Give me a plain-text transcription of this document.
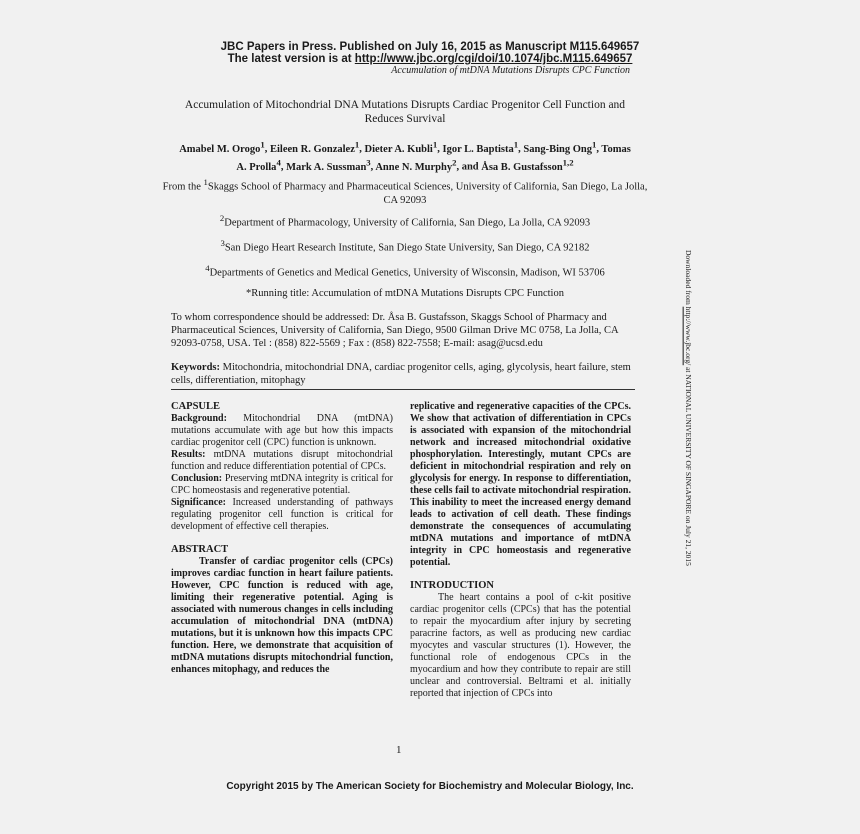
JBC Papers in Press. Published on July 16, 2015 as Manuscript M115.649657
The latest version is at http://www.jbc.org/cgi/doi/10.1074/jbc.M115.649657
Accumulation of mtDNA Mutations Disrupts CPC Function
Accumulation of Mitochondrial DNA Mutations Disrupts Cardiac Progenitor Cell Function and Reduces Survival
Amabel M. Orogo$^1$, Eileen R. Gonzalez$^1$, Dieter A. Kubli$^1$, Igor L. Baptista$^1$, Sang-Bing Ong$^1$, Tomas A. Prolla$^4$, Mark A. Sussman$^3$, Anne N. Murphy$^2$, and Åsa B. Gustafsson$^{1,2}$
From the $^1$Skaggs School of Pharmacy and Pharmaceutical Sciences, University of California, San Diego, La Jolla, CA 92093
$^2$Department of Pharmacology, University of California, San Diego, La Jolla, CA 92093
$^3$San Diego Heart Research Institute, San Diego State University, San Diego, CA 92182
$^4$Departments of Genetics and Medical Genetics, University of Wisconsin, Madison, WI 53706
*Running title: Accumulation of mtDNA Mutations Disrupts CPC Function
To whom correspondence should be addressed: Dr. Åsa B. Gustafsson, Skaggs School of Pharmacy and Pharmaceutical Sciences, University of California, San Diego, 9500 Gilman Drive MC 0758, La Jolla, CA 92093-0758, USA. Tel : (858) 822-5569 ; Fax : (858) 822-7558; E-mail: asag@ucsd.edu
Keywords: Mitochondria, mitochondrial DNA, cardiac progenitor cells, aging, glycolysis, heart failure, stem cells, differentiation, mitophagy
CAPSULE

Background: Mitochondrial DNA (mtDNA) mutations accumulate with age but how this impacts cardiac progenitor cell (CPC) function is unknown.

Results: mtDNA mutations disrupt mitochondrial function and reduce differentiation potential of CPCs.

Conclusion: Preserving mtDNA integrity is critical for CPC homeostasis and regenerative potential.

Significance: Increased understanding of pathways regulating progenitor cell function is critical for development of effective cell therapies.

ABSTRACT

Transfer of cardiac progenitor cells (CPCs) improves cardiac function in heart failure patients. However, CPC function is reduced with age, limiting their regenerative potential. Aging is associated with numerous changes in cells including accumulation of mitochondrial DNA (mtDNA) mutations, but it is unknown how this impacts CPC function. Here, we demonstrate that acquisition of mtDNA mutations disrupts mitochondrial function, enhances mitophagy, and reduces the

replicative and regenerative capacities of the CPCs. We show that activation of differentiation in CPCs is associated with expansion of the mitochondrial network and increased mitochondrial oxidative phosphorylation. Interestingly, mutant CPCs are deficient in mitochondrial respiration and rely on glycolysis for energy. In response to differentiation, these cells fail to activate mitochondrial respiration. This inability to meet the increased energy demand leads to activation of cell death. These findings demonstrate the consequences of accumulating mtDNA mutations and importance of mtDNA integrity in CPC homeostasis and regenerative potential.

INTRODUCTION

The heart contains a pool of c-kit positive cardiac progenitor cells (CPCs) that has the potential to repair the myocardium after injury by secreting paracrine factors, as well as producing new cardiac myocytes and vascular structures (1). However, the functional role of endogenous CPCs in the myocardium and how they contribute to repair are still unclear and controversial. Beltrami et al. initially reported that injection of CPCs into

1
Copyright 2015 by The American Society for Biochemistry and Molecular Biology, Inc.
Downloaded from http://www.jbc.org/ at NATIONAL UNIVERSITY OF SINGAPORE on July 21, 2015
